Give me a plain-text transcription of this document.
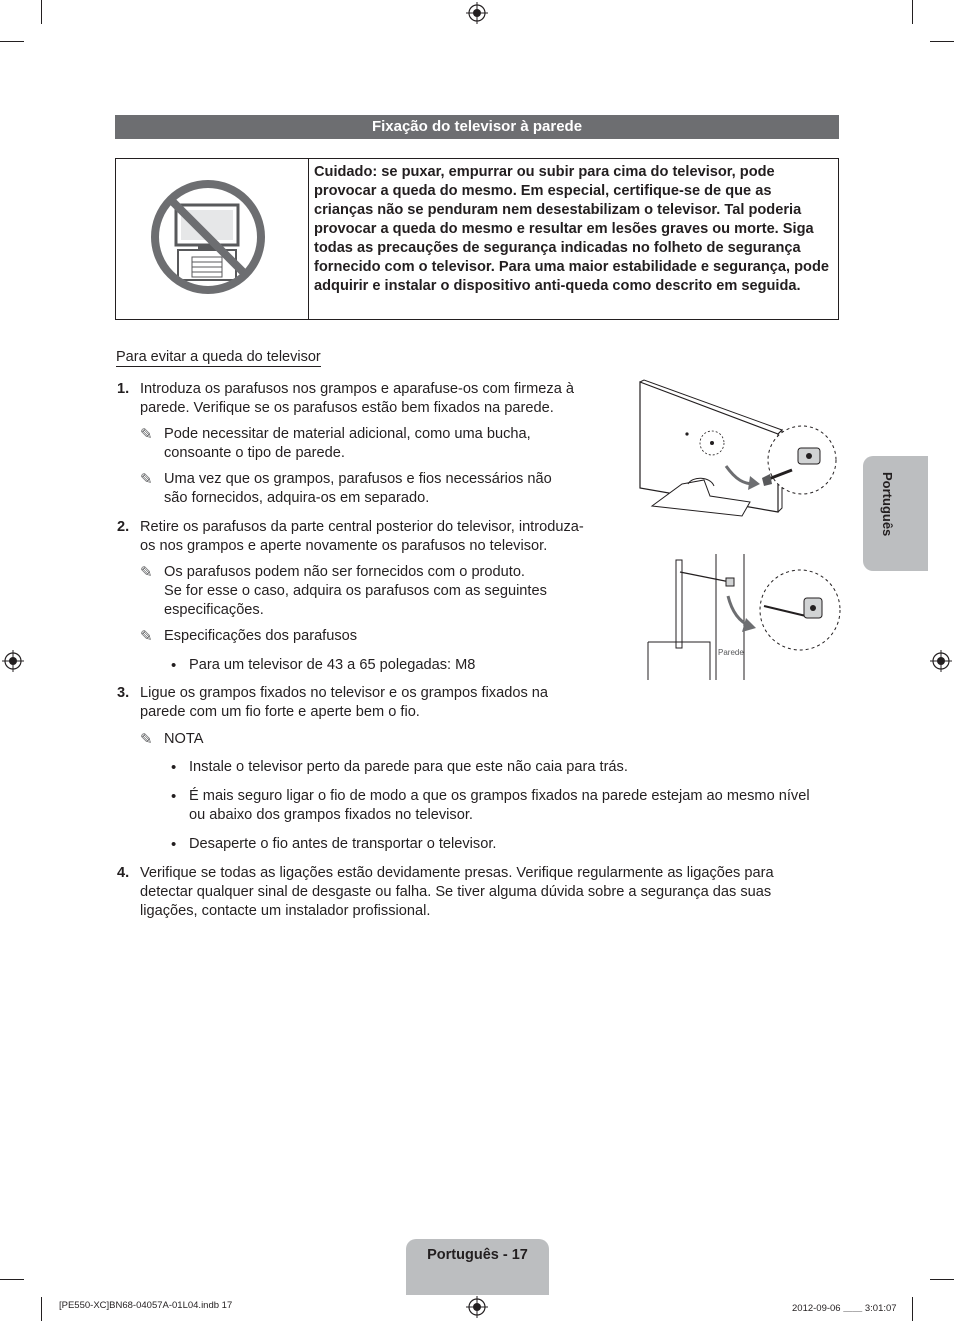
Fixação do televisor à parede
Cuidado: se puxar, empurrar ou subir para cima do televisor, pode provocar a queda do mesmo. Em especial, certifique-se de que as crianças não se penduram nem desestabilizam o televisor. Tal poderia provocar a queda do mesmo e resultar em lesões graves ou morte. Siga todas as precauções de segurança indicadas no folheto de segurança fornecido com o televisor. Para uma maior estabilidade e segurança, pode adquirir e instalar o dispositivo anti-queda como descrito em seguida.
Para evitar a queda do televisor
1. Introduza os parafusos nos grampos e aparafuse-os com firmeza à
parede. Verifique se os parafusos estão bem fixados na parede.
✎ Pode necessitar de material adicional, como uma bucha,
consoante o tipo de parede.
✎ Uma vez que os grampos, parafusos e fios necessários não
são fornecidos, adquira-os em separado.
2. Retire os parafusos da parte central posterior do televisor, introduza-
os nos grampos e aperte novamente os parafusos no televisor.
✎ Os parafusos podem não ser fornecidos com o produto.
Se for esse o caso, adquira os parafusos com as seguintes
especificações.
✎ Especificações dos parafusos
• Para um televisor de 43 a 65 polegadas: M8
3. Ligue os grampos fixados no televisor e os grampos fixados na
parede com um fio forte e aperte bem o fio.
✎ NOTA
• Instale o televisor perto da parede para que este não caia para trás.
• É mais seguro ligar o fio de modo a que os grampos fixados na parede estejam ao mesmo nível
ou abaixo dos grampos fixados no televisor.
• Desaperte o fio antes de transportar o televisor.
4. Verifique se todas as ligações estão devidamente presas. Verifique regularmente as ligações para
detectar qualquer sinal de desgaste ou falha. Se tiver alguma dúvida sobre a segurança das suas
ligações, contacte um instalador profissional.
Parede
Português
Português - 17
[PE550-XC]BN68-04057A-01L04.indb 17	2012-09-06 ＿＿ 3:01:07
